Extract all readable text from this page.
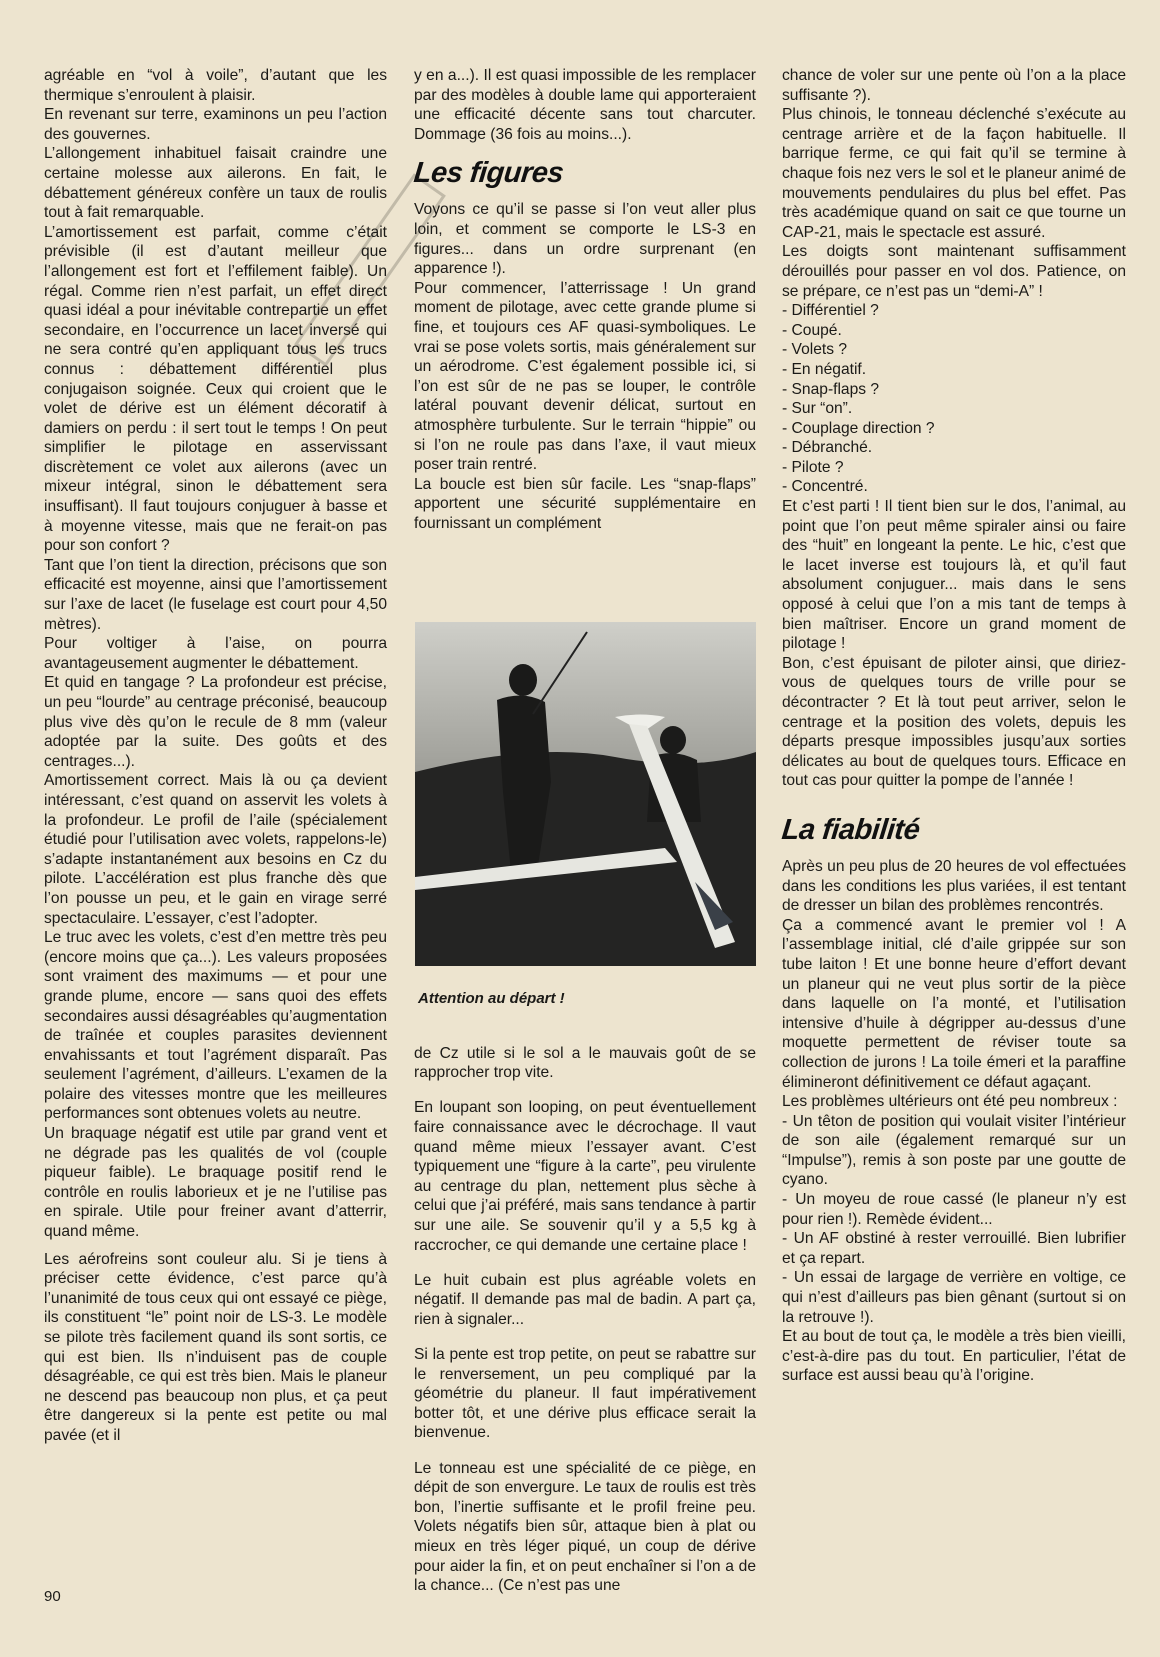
agréable en “vol à voile”, d’autant que les thermique s’enroulent à plaisir.

En revenant sur terre, examinons un peu l’action des gouvernes.

L’allongement inhabituel faisait craindre une certaine molesse aux ailerons. En fait, le débattement généreux confère un taux de roulis tout à fait remarquable.

L’amortissement est parfait, comme c’était prévisible (il est d’autant meilleur que l’allongement est fort et l’effilement faible). Un régal. Comme rien n’est parfait, un effet direct quasi idéal a pour inévitable contrepartie un effet secondaire, en l’occurrence un lacet inversé qui ne sera contré qu’en appliquant tous les trucs connus : débattement différentiel plus conjugaison soignée. Ceux qui croient que le volet de dérive est un élément décoratif à damiers on perdu : il sert tout le temps ! On peut simplifier le pilotage en asservissant discrètement ce volet aux ailerons (avec un mixeur intégral, sinon le débattement sera insuffisant). Il faut toujours conjuguer à basse et à moyenne vitesse, mais que ne ferait-on pas pour son confort ?

Tant que l’on tient la direction, précisons que son efficacité est moyenne, ainsi que l’amortissement sur l’axe de lacet (le fuselage est court pour 4,50 mètres).

Pour voltiger à l’aise, on pourra avantageusement augmenter le débattement.

Et quid en tangage ? La profondeur est précise, un peu “lourde” au centrage préconisé, beaucoup plus vive dès qu’on le recule de 8 mm (valeur adoptée par la suite. Des goûts et des centrages...).

Amortissement correct. Mais là ou ça devient intéressant, c’est quand on asservit les volets à la profondeur. Le profil de l’aile (spécialement étudié pour l’utilisation avec volets, rappelons-le) s’adapte instantanément aux besoins en Cz du pilote. L’accélération est plus franche dès que l’on pousse un peu, et le gain en virage serré spectaculaire. L’essayer, c’est l’adopter.

Le truc avec les volets, c’est d’en mettre très peu (encore moins que ça...). Les valeurs proposées sont vraiment des maximums — et pour une grande plume, encore — sans quoi des effets secondaires aussi désagréables qu’augmentation de traînée et couples parasites deviennent envahissants et tout l’agrément disparaît. Pas seulement l’agrément, d’ailleurs. L’examen de la polaire des vitesses montre que les meilleures performances sont obtenues volets au neutre.

Un braquage négatif est utile par grand vent et ne dégrade pas les qualités de vol (couple piqueur faible). Le braquage positif rend le contrôle en roulis laborieux et je ne l’utilise pas en spirale. Utile pour freiner avant d’atterrir, quand même.

Les aérofreins sont couleur alu. Si je tiens à préciser cette évidence, c’est parce qu’à l’unanimité de tous ceux qui ont essayé ce piège, ils constituent “le” point noir de LS-3. Le modèle se pilote très facilement quand ils sont sortis, ce qui est bien. Ils n’induisent pas de couple désagréable, ce qui est très bien. Mais le planeur ne descend pas beaucoup non plus, et ça peut être dangereux si la pente est petite ou mal pavée (et il

y en a...). Il est quasi impossible de les remplacer par des modèles à double lame qui apporteraient une efficacité décente sans tout charcuter. Dommage (36 fois au moins...).

Les figures

Voyons ce qu’il se passe si l’on veut aller plus loin, et comment se comporte le LS-3 en figures... dans un ordre surprenant (en apparence !).

Pour commencer, l’atterrissage ! Un grand moment de pilotage, avec cette grande plume si fine, et toujours ces AF quasi-symboliques. Le vrai se pose volets sortis, mais généralement sur un aérodrome. C’est également possible ici, si l’on est sûr de ne pas se louper, le contrôle latéral pouvant devenir délicat, surtout en atmosphère turbulente. Sur le terrain “hippie” ou si l’on ne roule pas dans l’axe, il vaut mieux poser train rentré.

La boucle est bien sûr facile. Les “snap-flaps” apportent une sécurité supplémentaire en fournissant un complément

Attention au départ !

de Cz utile si le sol a le mauvais goût de se rapprocher trop vite.

En loupant son looping, on peut éventuellement faire connaissance avec le décrochage. Il vaut quand même mieux l’essayer avant. C’est typiquement une “figure à la carte”, peu virulente au centrage du plan, nettement plus sèche à celui que j’ai préféré, mais sans tendance à partir sur une aile. Se souvenir qu’il y a 5,5 kg à raccrocher, ce qui demande une certaine place !

Le huit cubain est plus agréable volets en négatif. Il demande pas mal de badin. A part ça, rien à signaler...

Si la pente est trop petite, on peut se rabattre sur le renversement, un peu compliqué par la géométrie du planeur. Il faut impérativement botter tôt, et une dérive plus efficace serait la bienvenue.

Le tonneau est une spécialité de ce piège, en dépit de son envergure. Le taux de roulis est très bon, l’inertie suffisante et le profil freine peu. Volets négatifs bien sûr, attaque bien à plat ou mieux en très léger piqué, un coup de dérive pour aider la fin, et on peut enchaîner si l’on a de la chance... (Ce n’est pas une

chance de voler sur une pente où l’on a la place suffisante ?).

Plus chinois, le tonneau déclenché s’exécute au centrage arrière et de la façon habituelle. Il barrique ferme, ce qui fait qu’il se termine à chaque fois nez vers le sol et le planeur animé de mouvements pendulaires du plus bel effet. Pas très académique quand on sait ce que tourne un CAP-21, mais le spectacle est assuré.

Les doigts sont maintenant suffisamment dérouillés pour passer en vol dos. Patience, on se prépare, ce n’est pas un “demi-A” !

- Différentiel ?
- Coupé.
- Volets ?
- En négatif.
- Snap-flaps ?
- Sur “on”.
- Couplage direction ?
- Débranché.
- Pilote ?
- Concentré.

Et c’est parti ! Il tient bien sur le dos, l’animal, au point que l’on peut même spiraler ainsi ou faire des “huit” en longeant la pente. Le hic, c’est que le lacet inverse est toujours là, et qu’il faut absolument conjuguer... mais dans le sens opposé à celui que l’on a mis tant de temps à bien maîtriser. Encore un grand moment de pilotage !

Bon, c’est épuisant de piloter ainsi, que diriez-vous de quelques tours de vrille pour se décontracter ? Et là tout peut arriver, selon le centrage et la position des volets, depuis les départs presque impossibles jusqu’aux sorties délicates au bout de quelques tours. Efficace en tout cas pour quitter la pompe de l’année !

La fiabilité

Après un peu plus de 20 heures de vol effectuées dans les conditions les plus variées, il est tentant de dresser un bilan des problèmes rencontrés.

Ça a commencé avant le premier vol ! A l’assemblage initial, clé d’aile grippée sur son tube laiton ! Et une bonne heure d’effort devant un planeur qui ne veut plus sortir de la pièce dans laquelle on l’a monté, et l’utilisation intensive d’huile à dégripper au-dessus d’une moquette permettent de réviser toute sa collection de jurons ! La toile émeri et la paraffine élimineront définitivement ce défaut agaçant.

Les problèmes ultérieurs ont été peu nombreux :

- Un têton de position qui voulait visiter l’intérieur de son aile (également remarqué sur un “Impulse”), remis à son poste par une goutte de cyano.

- Un moyeu de roue cassé (le planeur n’y est pour rien !). Remède évident...

- Un AF obstiné à rester verrouillé. Bien lubrifier et ça repart.

- Un essai de largage de verrière en voltige, ce qui n’est d’ailleurs pas bien gênant (surtout si on la retrouve !).

Et au bout de tout ça, le modèle a très bien vieilli, c’est-à-dire pas du tout. En particulier, l’état de surface est aussi beau qu’à l’origine.

90
